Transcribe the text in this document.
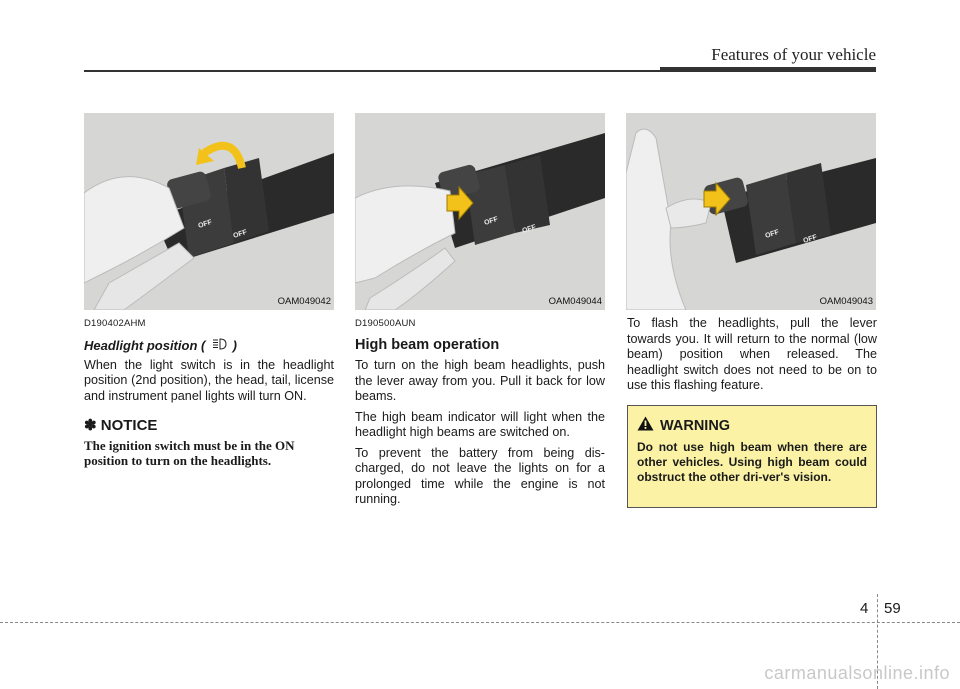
Features of your vehicle
OFF
OFF
OAM049042
OFF
OFF
OAM049044
OFF	OFF
OAM049043
D190402AHM
Headlight position ( )

When the light switch is in the headlight position (2nd position), the head, tail, license and instrument panel lights will turn ON.

✽ NOTICE

The ignition switch must be in the ON position to turn on the headlights.

D190500AUN
High beam operation

To turn on the high beam headlights, push the lever away from you. Pull it back for low beams.

The high beam indicator will light when the headlight high beams are switched on.

To prevent the battery from being dis-charged, do not leave the lights on for a prolonged time while the engine is not running.

To flash the headlights, pull the lever towards you. It will return to the normal (low beam) position when released. The headlight switch does not need to be on to use this flashing feature.

WARNING

Do not use high beam when there are other vehicles. Using high beam could obstruct the other dri-ver's vision.

4 59
carmanualsonline.info
